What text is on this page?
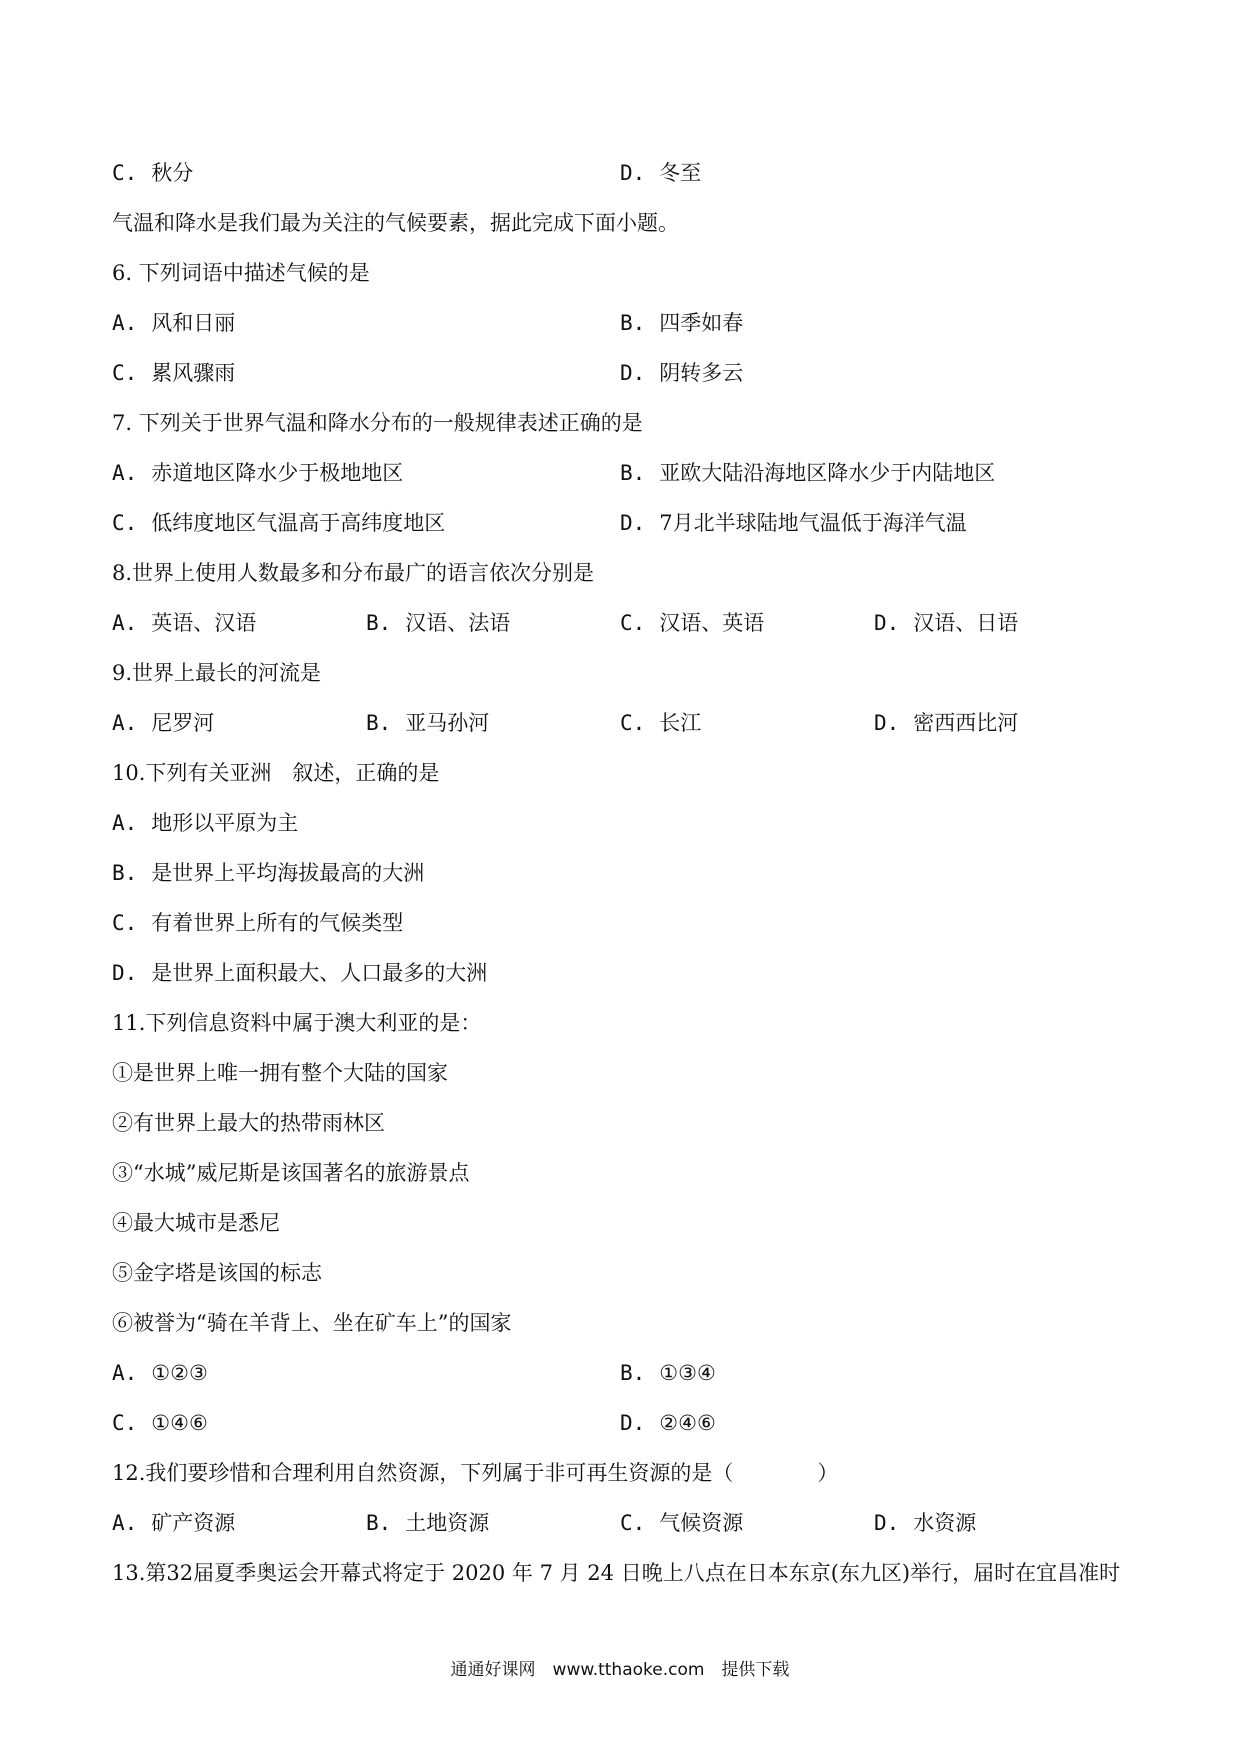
C. 秋分	D. 冬至
气温和降水是我们最为关注的气候要素，据此完成下面小题。
6. 下列词语中描述气候的是
A. 风和日丽	B. 四季如春
C. 累风骤雨	D. 阴转多云
7. 下列关于世界气温和降水分布的一般规律表述正确的是
A. 赤道地区降水少于极地地区	B. 亚欧大陆沿海地区降水少于内陆地区
C. 低纬度地区气温高于高纬度地区	D. 7月北半球陆地气温低于海洋气温
8.世界上使用人数最多和分布最广的语言依次分别是
A. 英语、汉语	B. 汉语、法语	C. 汉语、英语	D. 汉语、日语
9.世界上最长的河流是
A. 尼罗河	B. 亚马孙河	C. 长江	D. 密西西比河
10.下列有关亚洲　叙述，正确的是
A. 地形以平原为主
B. 是世界上平均海拔最高的大洲
C. 有着世界上所有的气候类型
D. 是世界上面积最大、人口最多的大洲
11.下列信息资料中属于澳大利亚的是：
①是世界上唯一拥有整个大陆的国家
②有世界上最大的热带雨林区
③“水城”威尼斯是该国著名的旅游景点
④最大城市是悉尼
⑤金字塔是该国的标志
⑥被誉为“骑在羊背上、坐在矿车上”的国家
A. ①②③	B. ①③④
C. ①④⑥	D. ②④⑥
12.我们要珍惜和合理利用自然资源，下列属于非可再生资源的是（　　　　）
A. 矿产资源	B. 土地资源	C. 气候资源	D. 水资源
13.第32届夏季奥运会开幕式将定于 2020 年 7 月 24 日晚上八点在日本东京(东九区)举行，届时在宜昌准时
通通好课网　www.tthaoke.com　提供下载
